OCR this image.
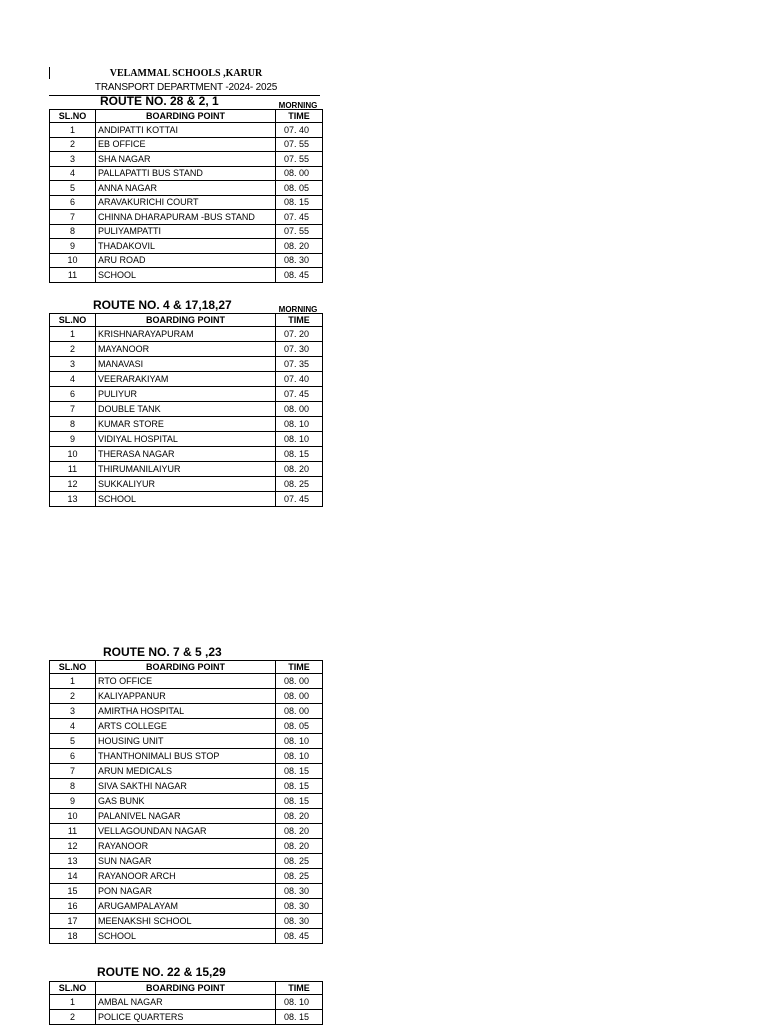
VELAMMAL SCHOOLS ,KARUR
TRANSPORT DEPARTMENT -2024- 2025
ROUTE NO. 28 & 2, 1	MORNING
SL.NO	BOARDING POINT	TIME
1	ANDIPATTI KOTTAI	07. 40
2	EB OFFICE	07. 55
3	SHA NAGAR	07. 55
4	PALLAPATTI BUS STAND	08. 00
5	ANNA NAGAR	08. 05
6	ARAVAKURICHI COURT	08. 15
7	CHINNA DHARAPURAM -BUS STAND	07. 45
8	PULIYAMPATTI	07. 55
9	THADAKOVIL	08. 20
10	ARU ROAD	08. 30
11	SCHOOL	08. 45
ROUTE NO. 4 & 17,18,27	MORNING
SL.NO	BOARDING POINT	TIME
1	KRISHNARAYAPURAM	07. 20
2	MAYANOOR	07. 30
3	MANAVASI	07. 35
4	VEERARAKIYAM	07. 40
6	PULIYUR	07. 45
7	DOUBLE TANK	08. 00
8	KUMAR STORE	08. 10
9	VIDIYAL HOSPITAL	08. 10
10	THERASA NAGAR	08. 15
11	THIRUMANILAIYUR	08. 20
12	SUKKALIYUR	08. 25
13	SCHOOL	07. 45
ROUTE NO. 7 & 5 ,23
SL.NO	BOARDING POINT	TIME
1	RTO OFFICE	08. 00
2	KALIYAPPANUR	08. 00
3	AMIRTHA HOSPITAL	08. 00
4	ARTS COLLEGE	08. 05
5	HOUSING UNIT	08. 10
6	THANTHONIMALI BUS STOP	08. 10
7	ARUN MEDICALS	08. 15
8	SIVA SAKTHI NAGAR	08. 15
9	GAS BUNK	08. 15
10	PALANIVEL NAGAR	08. 20
11	VELLAGOUNDAN NAGAR	08. 20
12	RAYANOOR	08. 20
13	SUN NAGAR	08. 25
14	RAYANOOR ARCH	08. 25
15	PON NAGAR	08. 30
16	ARUGAMPALAYAM	08. 30
17	MEENAKSHI SCHOOL	08. 30
18	SCHOOL	08. 45
ROUTE NO. 22 & 15,29
SL.NO	BOARDING POINT	TIME
1	AMBAL NAGAR	08. 10
2	POLICE QUARTERS	08. 15
